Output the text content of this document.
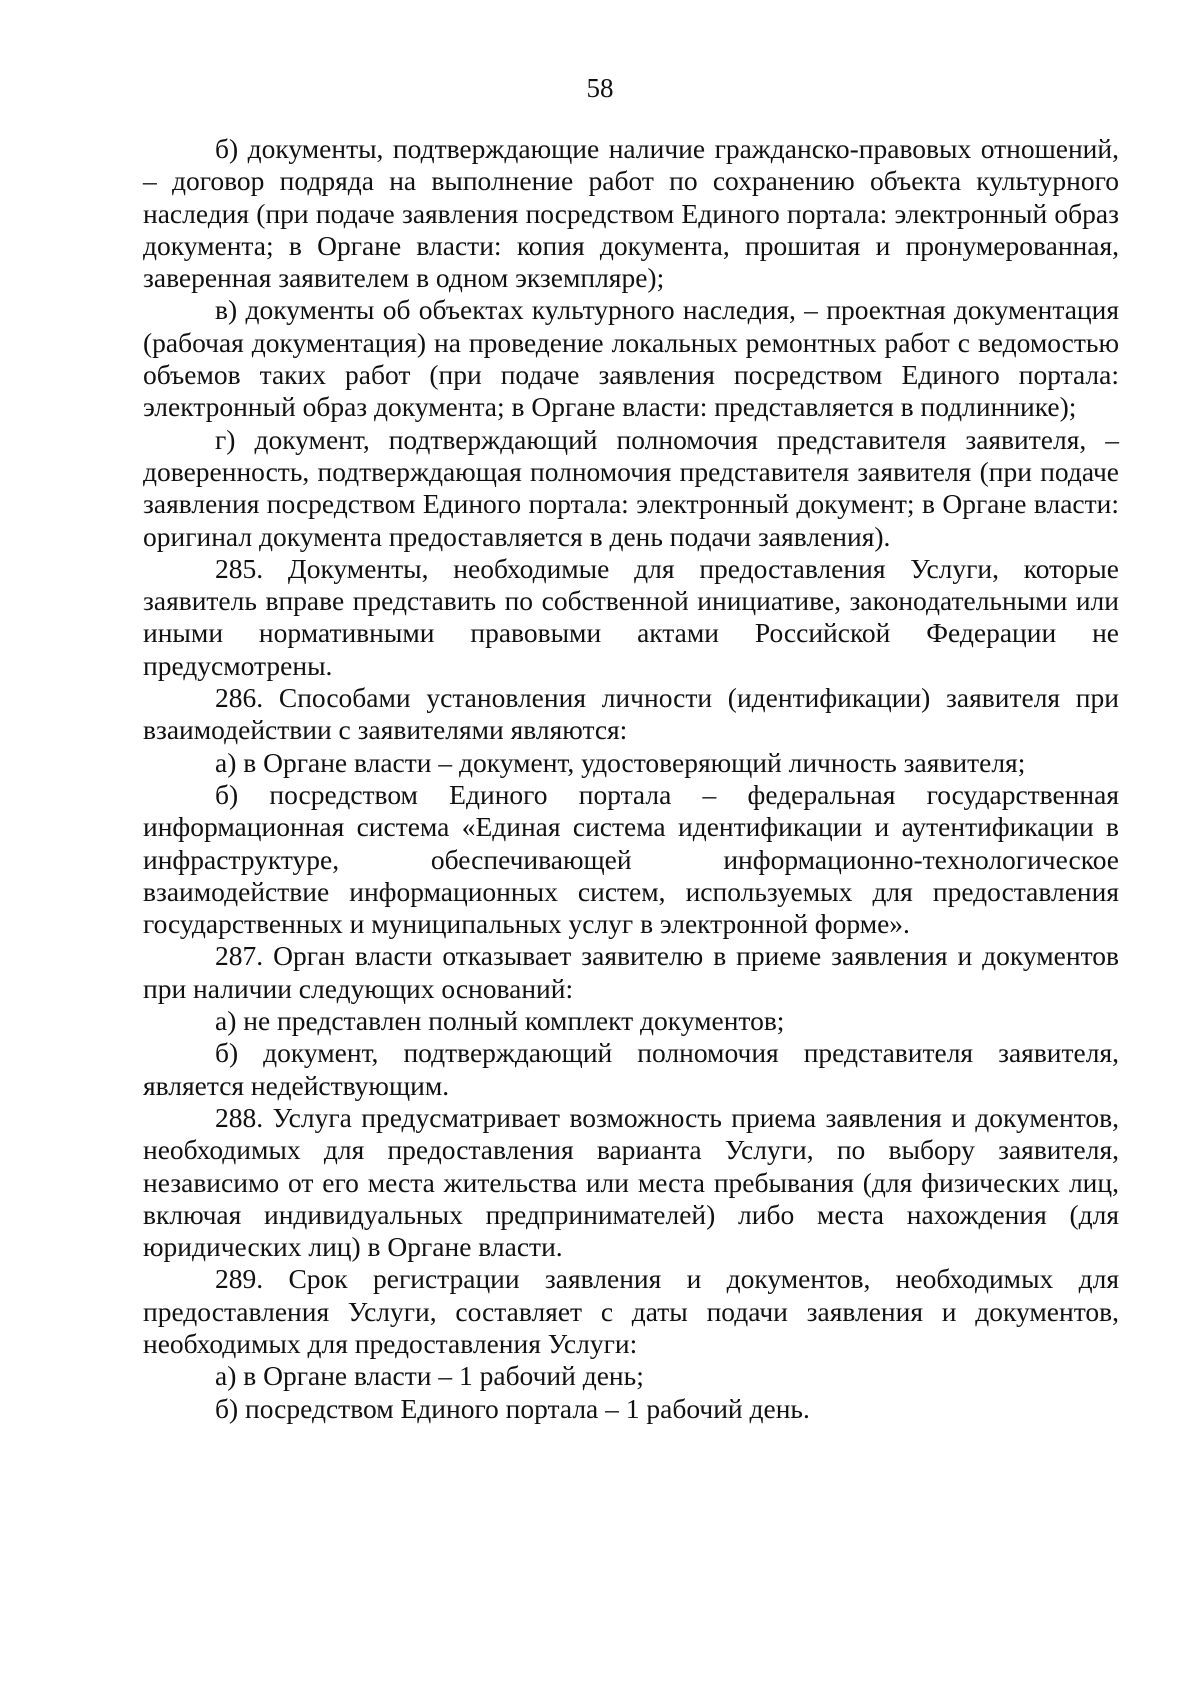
58

б) документы, подтверждающие наличие гражданско-правовых отношений, – договор подряда на выполнение работ по сохранению объекта культурного наследия (при подаче заявления посредством Единого портала: электронный образ документа; в Органе власти: копия документа, прошитая и пронумерованная, заверенная заявителем в одном экземпляре);

в) документы об объектах культурного наследия, – проектная документация (рабочая документация) на проведение локальных ремонтных работ с ведомостью объемов таких работ (при подаче заявления посредством Единого портала: электронный образ документа; в Органе власти: представляется в подлиннике);

г) документ, подтверждающий полномочия представителя заявителя, – доверенность, подтверждающая полномочия представителя заявителя (при подаче заявления посредством Единого портала: электронный документ; в Органе власти: оригинал документа предоставляется в день подачи заявления).

285. Документы, необходимые для предоставления Услуги, которые заявитель вправе представить по собственной инициативе, законодательными или иными нормативными правовыми актами Российской Федерации не предусмотрены.

286. Способами установления личности (идентификации) заявителя при взаимодействии с заявителями являются:

а) в Органе власти – документ, удостоверяющий личность заявителя;

б) посредством Единого портала – федеральная государственная информационная система «Единая система идентификации и аутентификации в инфраструктуре, обеспечивающей информационно-технологическое взаимодействие информационных систем, используемых для предоставления государственных и муниципальных услуг в электронной форме».

287. Орган власти отказывает заявителю в приеме заявления и документов при наличии следующих оснований:

а) не представлен полный комплект документов;

б) документ, подтверждающий полномочия представителя заявителя, является недействующим.

288. Услуга предусматривает возможность приема заявления и документов, необходимых для предоставления варианта Услуги, по выбору заявителя, независимо от его места жительства или места пребывания (для физических лиц, включая индивидуальных предпринимателей) либо места нахождения (для юридических лиц) в Органе власти.

289. Срок регистрации заявления и документов, необходимых для предоставления Услуги, составляет с даты подачи заявления и документов, необходимых для предоставления Услуги:

а) в Органе власти – 1 рабочий день;

б) посредством Единого портала – 1 рабочий день.
